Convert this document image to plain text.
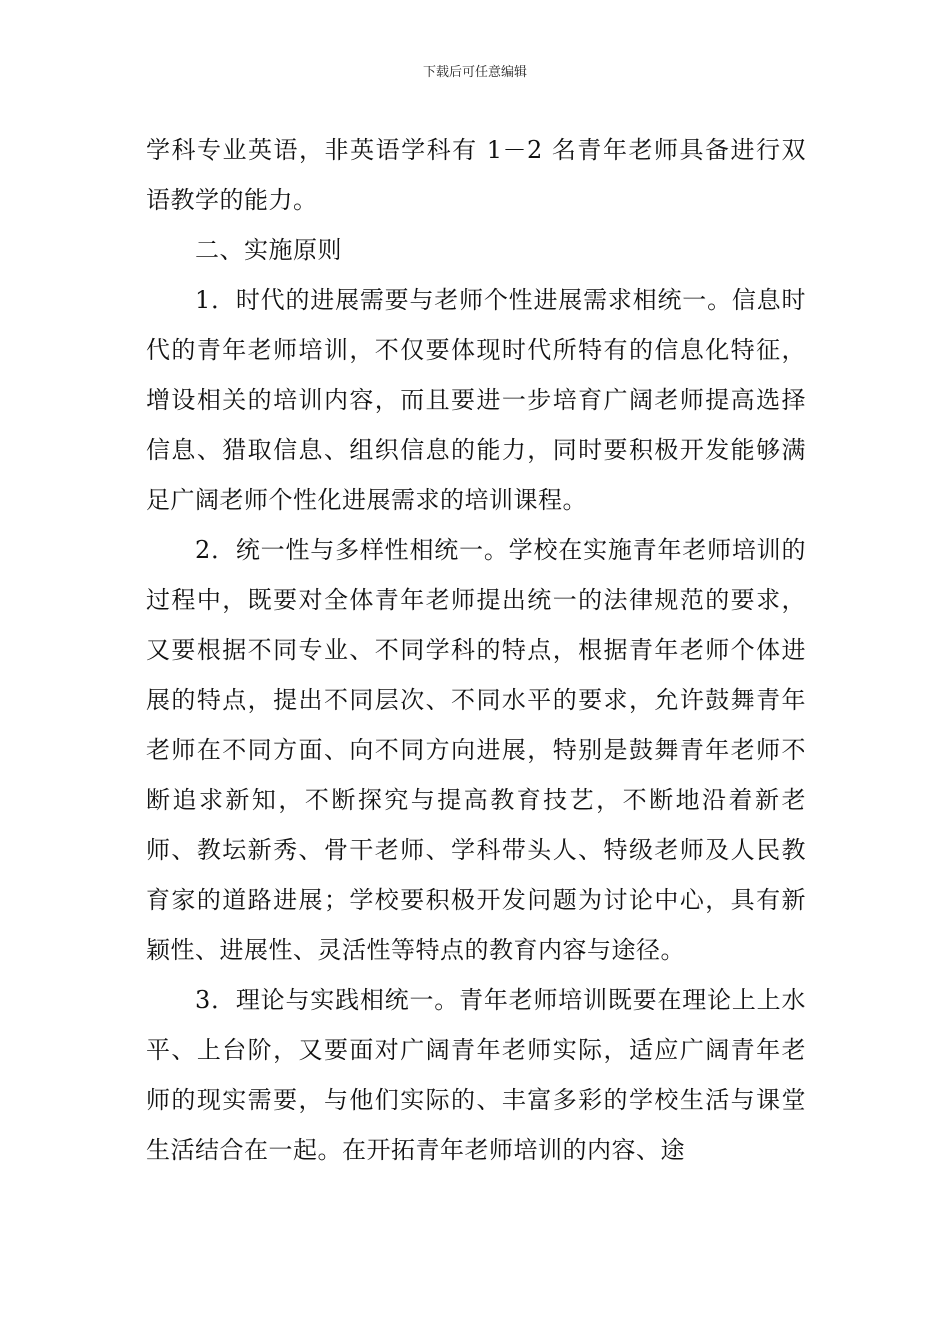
下载后可任意编辑

学科专业英语，非英语学科有 1－2 名青年老师具备进行双语教学的能力。

二、实施原则

1．时代的进展需要与老师个性进展需求相统一。信息时代的青年老师培训，不仅要体现时代所特有的信息化特征，增设相关的培训内容，而且要进一步培育广阔老师提高选择信息、猎取信息、组织信息的能力，同时要积极开发能够满足广阔老师个性化进展需求的培训课程。

2．统一性与多样性相统一。学校在实施青年老师培训的过程中，既要对全体青年老师提出统一的法律规范的要求，又要根据不同专业、不同学科的特点，根据青年老师个体进展的特点，提出不同层次、不同水平的要求，允许鼓舞青年老师在不同方面、向不同方向进展，特别是鼓舞青年老师不断追求新知，不断探究与提高教育技艺，不断地沿着新老师、教坛新秀、骨干老师、学科带头人、特级老师及人民教育家的道路进展；学校要积极开发问题为讨论中心，具有新颖性、进展性、灵活性等特点的教育内容与途径。

3．理论与实践相统一。青年老师培训既要在理论上上水平、上台阶，又要面对广阔青年老师实际，适应广阔青年老师的现实需要，与他们实际的、丰富多彩的学校生活与课堂生活结合在一起。在开拓青年老师培训的内容、途
